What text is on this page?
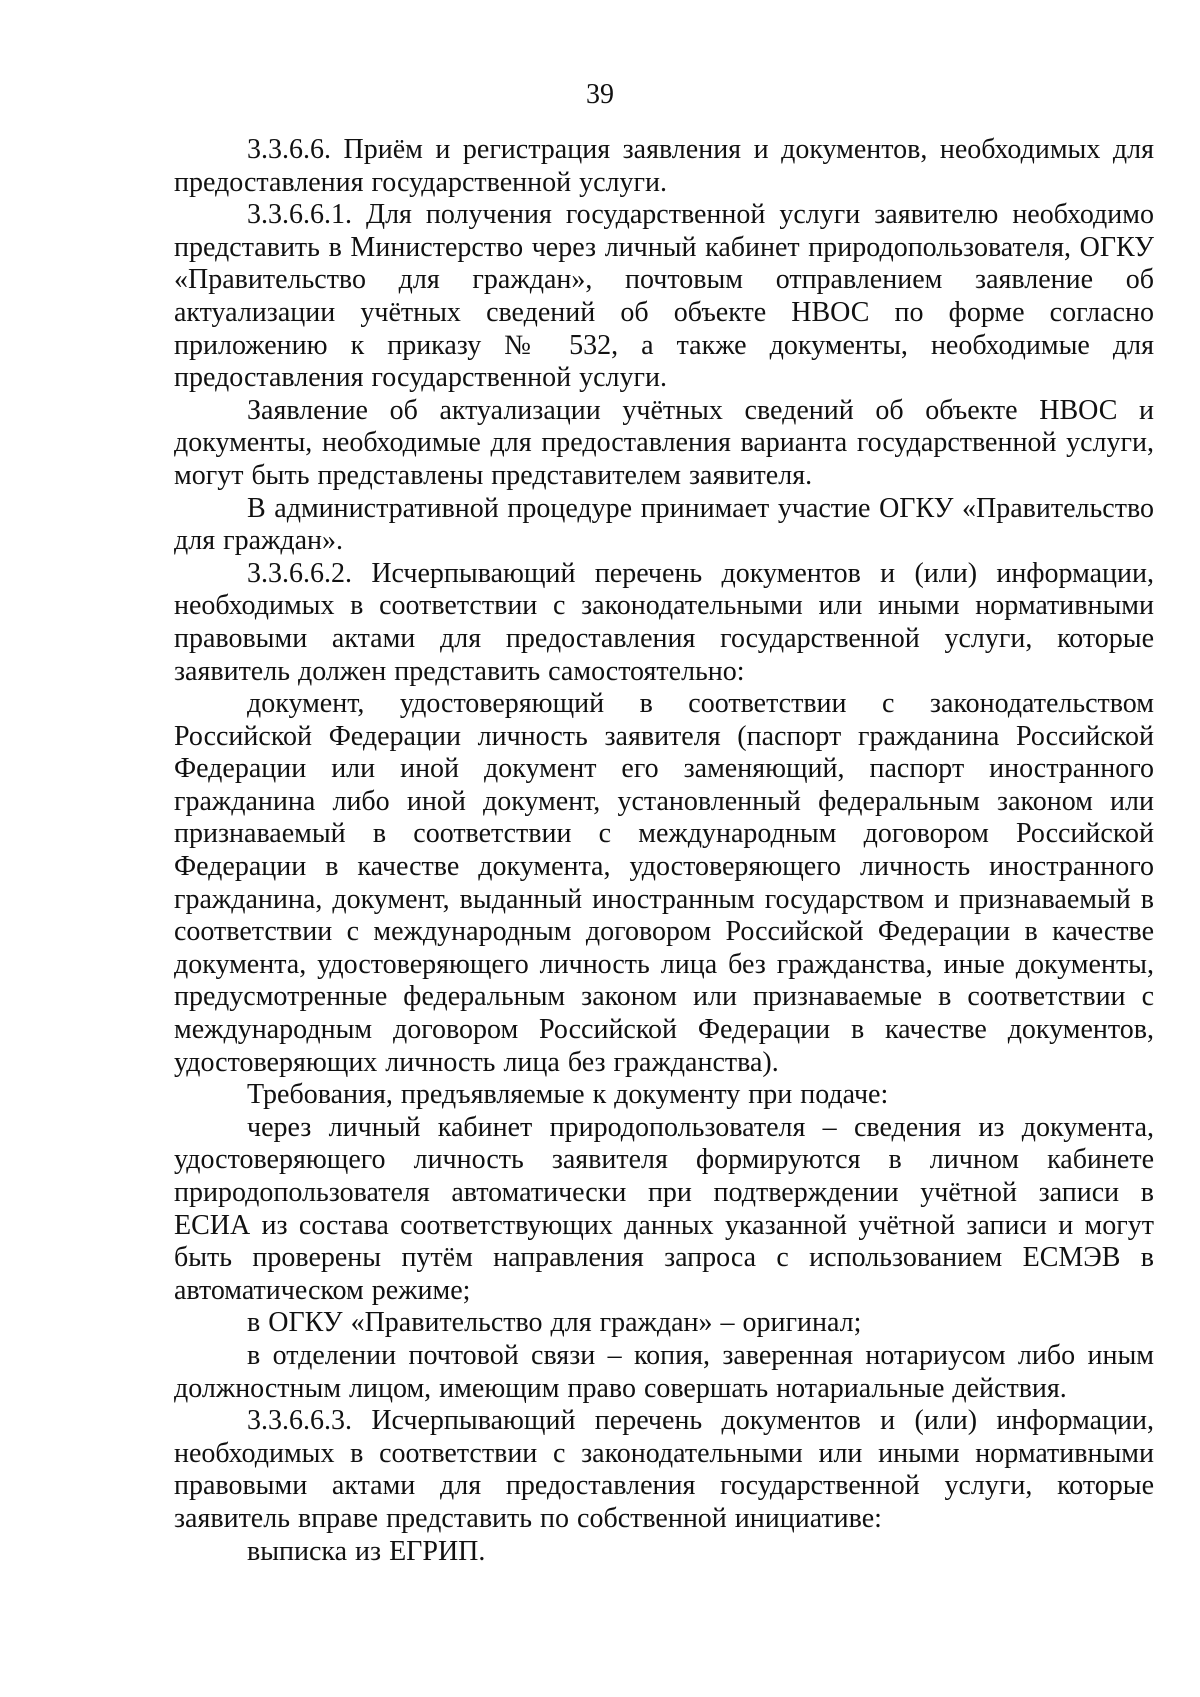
39

3.3.6.6. Приём и регистрация заявления и документов, необходимых для предоставления государственной услуги.

3.3.6.6.1. Для получения государственной услуги заявителю необходимо представить в Министерство через личный кабинет природопользователя, ОГКУ «Правительство для граждан», почтовым отправлением заявление об актуализации учётных сведений об объекте НВОС по форме согласно приложению к приказу № 532, а также документы, необходимые для предоставления государственной услуги.

Заявление об актуализации учётных сведений об объекте НВОС и документы, необходимые для предоставления варианта государственной услуги, могут быть представлены представителем заявителя.

В административной процедуре принимает участие ОГКУ «Правительство для граждан».

3.3.6.6.2. Исчерпывающий перечень документов и (или) информации, необходимых в соответствии с законодательными или иными нормативными правовыми актами для предоставления государственной услуги, которые заявитель должен представить самостоятельно:

документ, удостоверяющий в соответствии с законодательством Российской Федерации личность заявителя (паспорт гражданина Российской Федерации или иной документ его заменяющий, паспорт иностранного гражданина либо иной документ, установленный федеральным законом или признаваемый в соответствии с международным договором Российской Федерации в качестве документа, удостоверяющего личность иностранного гражданина, документ, выданный иностранным государством и признаваемый в соответствии с международным договором Российской Федерации в качестве документа, удостоверяющего личность лица без гражданства, иные документы, предусмотренные федеральным законом или признаваемые в соответствии с международным договором Российской Федерации в качестве документов, удостоверяющих личность лица без гражданства).

Требования, предъявляемые к документу при подаче:

через личный кабинет природопользователя – сведения из документа, удостоверяющего личность заявителя формируются в личном кабинете природопользователя автоматически при подтверждении учётной записи в ЕСИА из состава соответствующих данных указанной учётной записи и могут быть проверены путём направления запроса с использованием ЕСМЭВ в автоматическом режиме;

в ОГКУ «Правительство для граждан» – оригинал;

в отделении почтовой связи – копия, заверенная нотариусом либо иным должностным лицом, имеющим право совершать нотариальные действия.

3.3.6.6.3. Исчерпывающий перечень документов и (или) информации, необходимых в соответствии с законодательными или иными нормативными правовыми актами для предоставления государственной услуги, которые заявитель вправе представить по собственной инициативе:

выписка из ЕГРИП.
